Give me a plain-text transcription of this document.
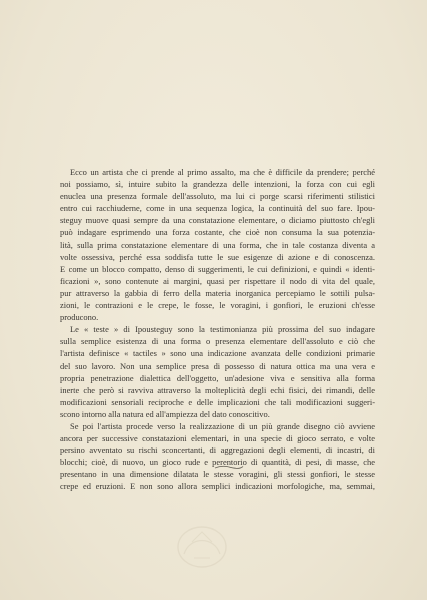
Ecco un artista che ci prende al primo assalto, ma che è difficile da prendere; perché
noi possiamo, sì, intuire subito la grandezza delle intenzioni, la forza con cui egli
enuclea una presenza formale dell'assoluto, ma lui ci porge scarsi riferimenti stilistici
entro cui racchiuderne, come in una sequenza logica, la continuità del suo fare. Ipou-
steguy muove quasi sempre da una constatazione elementare, o diciamo piuttosto ch'egli
può indagare esprimendo una forza costante, che cioè non consuma la sua potenzia-
lità, sulla prima constatazione elementare di una forma, che in tale costanza diventa a
volte ossessiva, perché essa soddisfa tutte le sue esigenze di azione e di conoscenza.
E come un blocco compatto, denso di suggerimenti, le cui definizioni, e quindi « identi-
ficazioni », sono contenute ai margini, quasi per rispettare il nodo di vita del quale,
pur attraverso la gabbia di ferro della materia inorganica percepiamo le sottili pulsa-
zioni, le contrazioni e le crepe, le fosse, le voragini, i gonfiori, le eruzioni ch'esse
producono.
Le « teste » di Ipousteguy sono la testimonianza più prossima del suo indagare
sulla semplice esistenza di una forma o presenza elementare dell'assoluto e ciò che
l'artista definisce « tactiles » sono una indicazione avanzata delle condizioni primarie
del suo lavoro. Non una semplice presa di possesso di natura ottica ma una vera e
propria penetrazione dialettica dell'oggetto, un'adesione viva e sensitiva alla forma
inerte che però si ravviva attraverso la molteplicità degli echi fisici, dei rimandi, delle
modificazioni sensoriali reciproche e delle implicazioni che tali modificazioni suggeri-
scono intorno alla natura ed all'ampiezza del dato conoscitivo.
Se poi l'artista procede verso la realizzazione di un più grande disegno ciò avviene
ancora per successive constatazioni elementari, in una specie di gioco serrato, e volte
persino avventato su rischi sconcertanti, di aggregazioni degli elementi, di incastri, di
blocchi; cioè, di nuovo, un gioco rude e perentorio di quantità, di pesi, di masse, che
presentano in una dimensione dilatata le stesse voragini, gli stessi gonfiori, le stesse
crepe ed eruzioni. E non sono allora semplici indicazioni morfologiche, ma, semmai,
